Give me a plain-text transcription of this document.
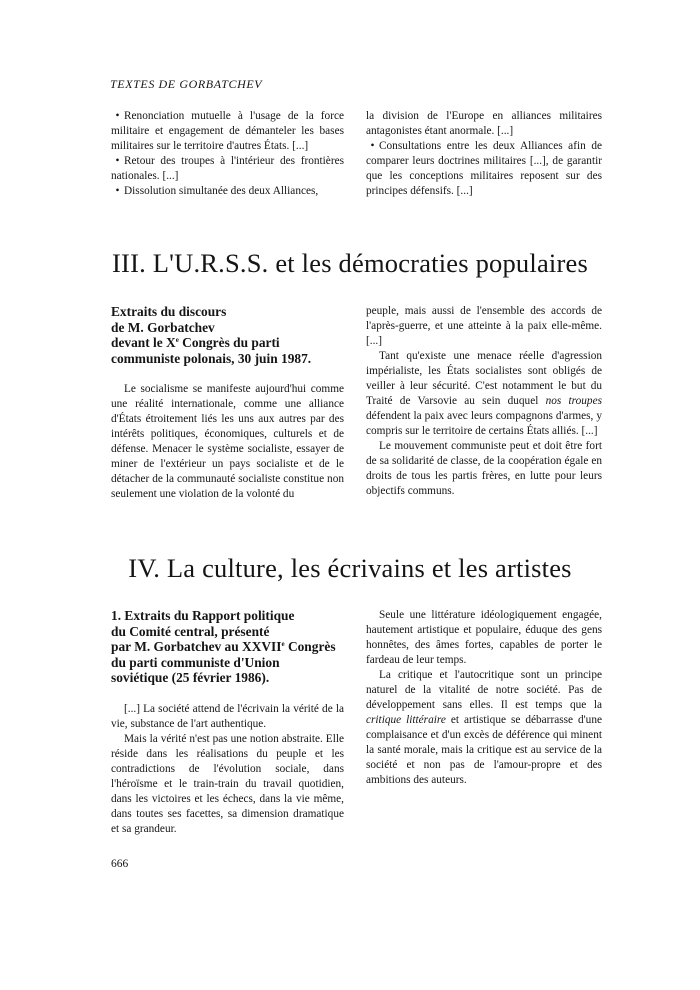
TEXTES DE GORBATCHEV

• Renonciation mutuelle à l'usage de la force militaire et engagement de démanteler les bases militaires sur le territoire d'autres États. [...]

• Retour des troupes à l'intérieur des frontières nationales. [...]

• Dissolution simultanée des deux Alliances,

la division de l'Europe en alliances militaires antagonistes étant anormale. [...]

• Consultations entre les deux Alliances afin de comparer leurs doctrines militaires [...], de garantir que les conceptions militaires reposent sur des principes défensifs. [...]

III. L'U.R.S.S. et les démocraties populaires
Extraits du discours
de M. Gorbatchev
devant le Xe Congrès du parti
communiste polonais, 30 juin 1987.

Le socialisme se manifeste aujourd'hui comme une réalité internationale, comme une alliance d'États étroitement liés les uns aux autres par des intérêts politiques, économiques, culturels et de défense. Menacer le système socialiste, essayer de miner de l'extérieur un pays socialiste et de le détacher de la communauté socialiste constitue non seulement une violation de la volonté du

peuple, mais aussi de l'ensemble des accords de l'après-guerre, et une atteinte à la paix elle-même. [...]

Tant qu'existe une menace réelle d'agression impérialiste, les États socialistes sont obligés de veiller à leur sécurité. C'est notamment le but du Traité de Varsovie au sein duquel nos troupes défendent la paix avec leurs compagnons d'armes, y compris sur le territoire de certains États alliés. [...]

Le mouvement communiste peut et doit être fort de sa solidarité de classe, de la coopération égale en droits de tous les partis frères, en lutte pour leurs objectifs communs.

IV. La culture, les écrivains et les artistes
1. Extraits du Rapport politique
du Comité central, présenté
par M. Gorbatchev au XXVIIe Congrès
du parti communiste d'Union
soviétique (25 février 1986).

[...] La société attend de l'écrivain la vérité de la vie, substance de l'art authentique.

Mais la vérité n'est pas une notion abstraite. Elle réside dans les réalisations du peuple et les contradictions de l'évolution sociale, dans l'héroïsme et le train-train du travail quotidien, dans les victoires et les échecs, dans la vie même, dans toutes ses facettes, sa dimension dramatique et sa grandeur.

Seule une littérature idéologiquement engagée, hautement artistique et populaire, éduque des gens honnêtes, des âmes fortes, capables de porter le fardeau de leur temps.

La critique et l'autocritique sont un principe naturel de la vitalité de notre société. Pas de développement sans elles. Il est temps que la critique littéraire et artistique se débarrasse d'une complaisance et d'un excès de déférence qui minent la santé morale, mais la critique est au service de la société et non pas de l'amour-propre et des ambitions des auteurs.

666
